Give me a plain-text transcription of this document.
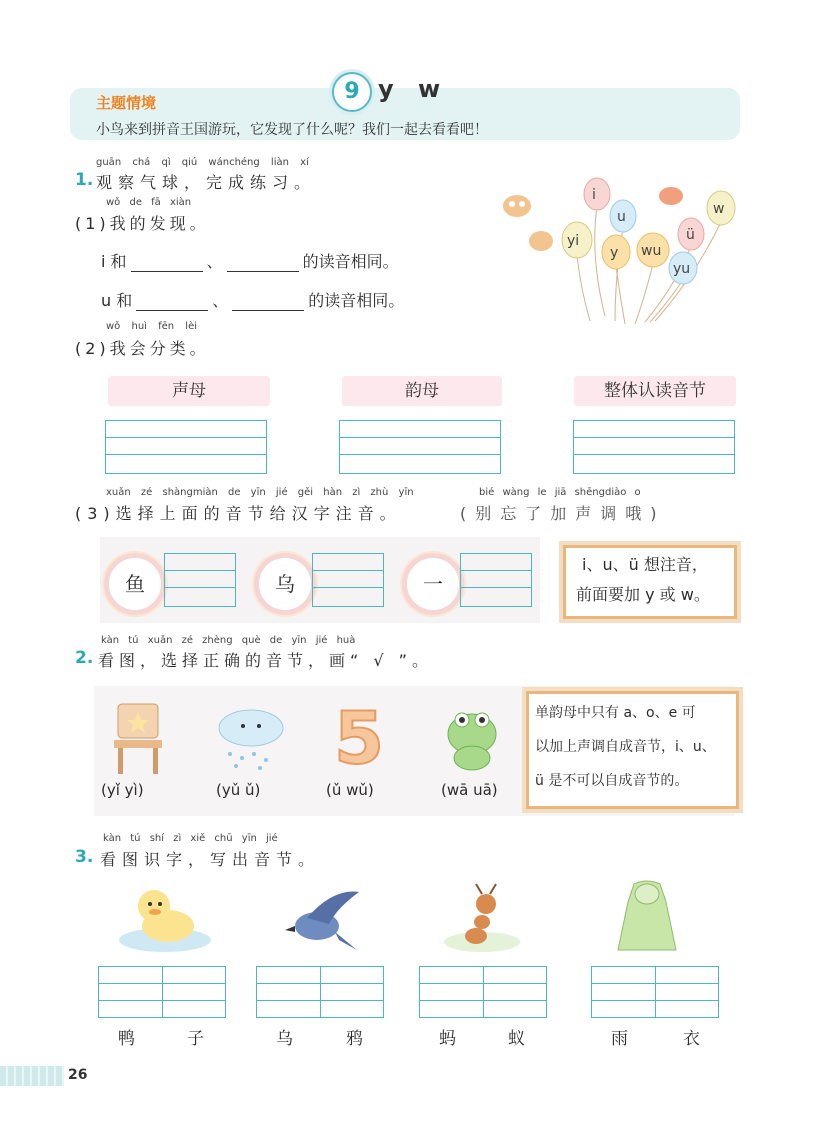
主题情境
小鸟来到拼音王国游玩，它发现了什么呢？我们一起去看看吧！
9 y w
guān chá qì qiú wánchéng liàn xí
1. 观察气球，完成练习。
wǒ de fā xiàn
(1)我的发现。
i 和	、	的读音相同。
u 和	、	的读音相同。
i
u	w
yi
y wu
ü
yu
wǒ huì fēn lèi
(2)我会分类。
声母	韵母	整体认读音节
xuǎn zé shàngmiàn de yīn jié gěi hàn zì zhù yīn	bié wàng le jiā shēngdiào o
(3)选择上面的音节给汉字注音。	(别忘了加声调哦)
鱼	乌	一
i、u、ü 想注音，
前面要加 y 或 w。
kàn tú xuǎn zé zhèng què de yīn jié huà
2. 看图，选择正确的音节，画“ √ ”。
5
(yǐ yì)	(yǔ ǔ)	(ǔ wǔ)	(wā uā)
单韵母中只有 a、o、e 可
以加上声调自成音节，i、u、
ü 是不可以自成音节的。
kàn tú shí zì xiě chū yīn jié
3. 看图识字，写出音节。
鸭	子	乌	鸦	蚂	蚁	雨	衣
26
